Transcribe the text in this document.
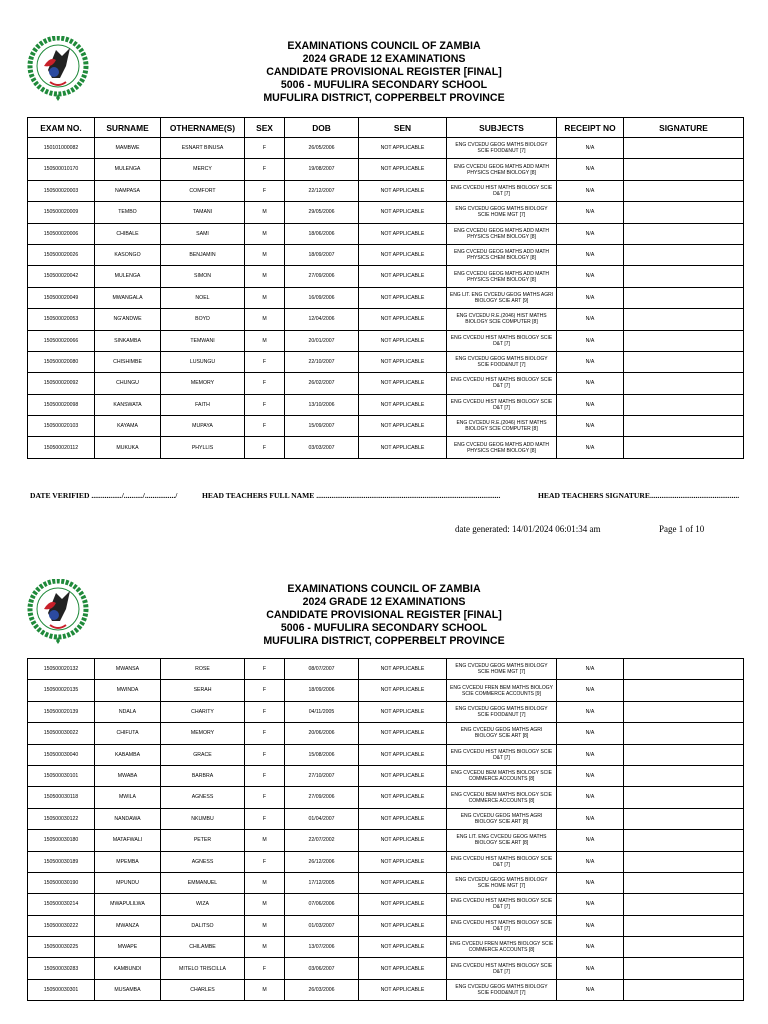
EXAMINATIONS COUNCIL OF ZAMBIA
2024 GRADE 12 EXAMINATIONS
CANDIDATE PROVISIONAL REGISTER [FINAL]
5006 - MUFULIRA SECONDARY SCHOOL
MUFULIRA DISTRICT, COPPERBELT PROVINCE
EXAM NO.	SURNAME	OTHERNAME(S)	SEX	DOB	SEN	SUBJECTS	RECEIPT NO	SIGNATURE
150101000082	MAMBWE	ESNART BINUSA	F	26/05/2006	NOT APPLICABLE	ENG CVCEDU GEOG MATHS BIOLOGY SCIE FOOD&NUT [7]	N/A	
150500010170	MULENGA	MERCY	F	19/08/2007	NOT APPLICABLE	ENG CVCEDU GEOG MATHS ADD MATH PHYSICS CHEM BIOLOGY [8]	N/A	
150500020003	NAMPASA	COMFORT	F	22/12/2007	NOT APPLICABLE	ENG CVCEDU HIST MATHS BIOLOGY SCIE D&T [7]	N/A	
150500020009	TEMBO	TAMANI	M	29/05/2006	NOT APPLICABLE	ENG CVCEDU GEOG MATHS BIOLOGY SCIE HOME MGT [7]	N/A	
150500020006	CHIBALE	SAMI	M	18/06/2006	NOT APPLICABLE	ENG CVCEDU GEOG MATHS ADD MATH PHYSICS CHEM BIOLOGY [8]	N/A	
150500020026	KASONGO	BENJAMIN	M	18/09/2007	NOT APPLICABLE	ENG CVCEDU GEOG MATHS ADD MATH PHYSICS CHEM BIOLOGY [8]	N/A	
150500020042	MULENGA	SIMON	M	27/09/2006	NOT APPLICABLE	ENG CVCEDU GEOG MATHS ADD MATH PHYSICS CHEM BIOLOGY [8]	N/A	
150500020049	MWANGALA	NOEL	M	16/09/2006	NOT APPLICABLE	ENG LIT. ENG CVCEDU GEOG MATHS AGRI BIOLOGY SCIE ART [9]	N/A	
150500020053	NG'ANDWE	BOYD	M	12/04/2006	NOT APPLICABLE	ENG CVCEDU R.E.(2046) HIST MATHS BIOLOGY SCIE COMPUTER [8]	N/A	
150500020066	SINKAMBA	TEMWANI	M	20/01/2007	NOT APPLICABLE	ENG CVCEDU HIST MATHS BIOLOGY SCIE D&T [7]	N/A	
150500020080	CHISHIMBE	LUSUNGU	F	22/10/2007	NOT APPLICABLE	ENG CVCEDU GEOG MATHS BIOLOGY SCIE FOOD&NUT [7]	N/A	
150500020092	CHUNGU	MEMORY	F	26/02/2007	NOT APPLICABLE	ENG CVCEDU HIST MATHS BIOLOGY SCIE D&T [7]	N/A	
150500020098	KANSWATA	FAITH	F	13/10/2006	NOT APPLICABLE	ENG CVCEDU HIST MATHS BIOLOGY SCIE D&T [7]	N/A	
150500020103	KAYAMA	MUPAYA	F	15/09/2007	NOT APPLICABLE	ENG CVCEDU R.E.(2046) HIST MATHS BIOLOGY SCIE COMPUTER [8]	N/A	
150500020112	MUKUKA	PHYLLIS	F	03/03/2007	NOT APPLICABLE	ENG CVCEDU GEOG MATHS ADD MATH PHYSICS CHEM BIOLOGY [8]	N/A	
DATE VERIFIED ................/........../................/	HEAD TEACHERS FULL NAME .................................................................................................	HEAD TEACHERS SIGNATURE...............................................
date generated: 14/01/2024 06:01:34 am	Page 1 of 10
EXAMINATIONS COUNCIL OF ZAMBIA
2024 GRADE 12 EXAMINATIONS
CANDIDATE PROVISIONAL REGISTER [FINAL]
5006 - MUFULIRA SECONDARY SCHOOL
MUFULIRA DISTRICT, COPPERBELT PROVINCE
150500020132	MWANSA	ROSE	F	08/07/2007	NOT APPLICABLE	ENG CVCEDU GEOG MATHS BIOLOGY SCIE HOME MGT [7]	N/A	
150500020135	MWINDA	SERAH	F	18/09/2006	NOT APPLICABLE	ENG CVCEDU FREN BEM MATHS BIOLOGY SCIE COMMERCE ACCOUNTS [9]	N/A	
150500020139	NDALA	CHARITY	F	04/11/2005	NOT APPLICABLE	ENG CVCEDU GEOG MATHS BIOLOGY SCIE FOOD&NUT [7]	N/A	
150500030022	CHIFUTA	MEMORY	F	20/06/2006	NOT APPLICABLE	ENG CVCEDU GEOG MATHS AGRI BIOLOGY SCIE ART [8]	N/A	
150500030040	KABAMBA	GRACE	F	15/08/2006	NOT APPLICABLE	ENG CVCEDU HIST MATHS BIOLOGY SCIE D&T [7]	N/A	
150500030101	MWABA	BARBRA	F	27/10/2007	NOT APPLICABLE	ENG CVCEDU BEM MATHS BIOLOGY SCIE COMMERCE ACCOUNTS [8]	N/A	
150500030118	MWILA	AGNESS	F	27/09/2006	NOT APPLICABLE	ENG CVCEDU BEM MATHS BIOLOGY SCIE COMMERCE ACCOUNTS [8]	N/A	
150500030122	NANDAWA	NKUMBU	F	01/04/2007	NOT APPLICABLE	ENG CVCEDU GEOG MATHS AGRI BIOLOGY SCIE ART [8]	N/A	
150500030180	MATAFWALI	PETER	M	22/07/2002	NOT APPLICABLE	ENG LIT. ENG CVCEDU GEOG MATHS BIOLOGY SCIE ART [8]	N/A	
150500030189	MPEMBA	AGNESS	F	26/12/2006	NOT APPLICABLE	ENG CVCEDU HIST MATHS BIOLOGY SCIE D&T [7]	N/A	
150500030190	MPUNDU	EMMANUEL	M	17/12/2005	NOT APPLICABLE	ENG CVCEDU GEOG MATHS BIOLOGY SCIE HOME MGT [7]	N/A	
150500030214	MWAPULILWA	WIZA	M	07/06/2006	NOT APPLICABLE	ENG CVCEDU HIST MATHS BIOLOGY SCIE D&T [7]	N/A	
150500030222	MWANZA	DALITSO	M	01/03/2007	NOT APPLICABLE	ENG CVCEDU HIST MATHS BIOLOGY SCIE D&T [7]	N/A	
150500030225	MWAPE	CHILAMBE	M	13/07/2006	NOT APPLICABLE	ENG CVCEDU FREN MATHS BIOLOGY SCIE COMMERCE ACCOUNTS [8]	N/A	
150500030283	KAMBUNDI	MITELO TRISCILLA	F	03/06/2007	NOT APPLICABLE	ENG CVCEDU HIST MATHS BIOLOGY SCIE D&T [7]	N/A	
150500030301	MUSAMBA	CHARLES	M	26/03/2006	NOT APPLICABLE	ENG CVCEDU GEOG MATHS BIOLOGY SCIE FOOD&NUT [7]	N/A	
